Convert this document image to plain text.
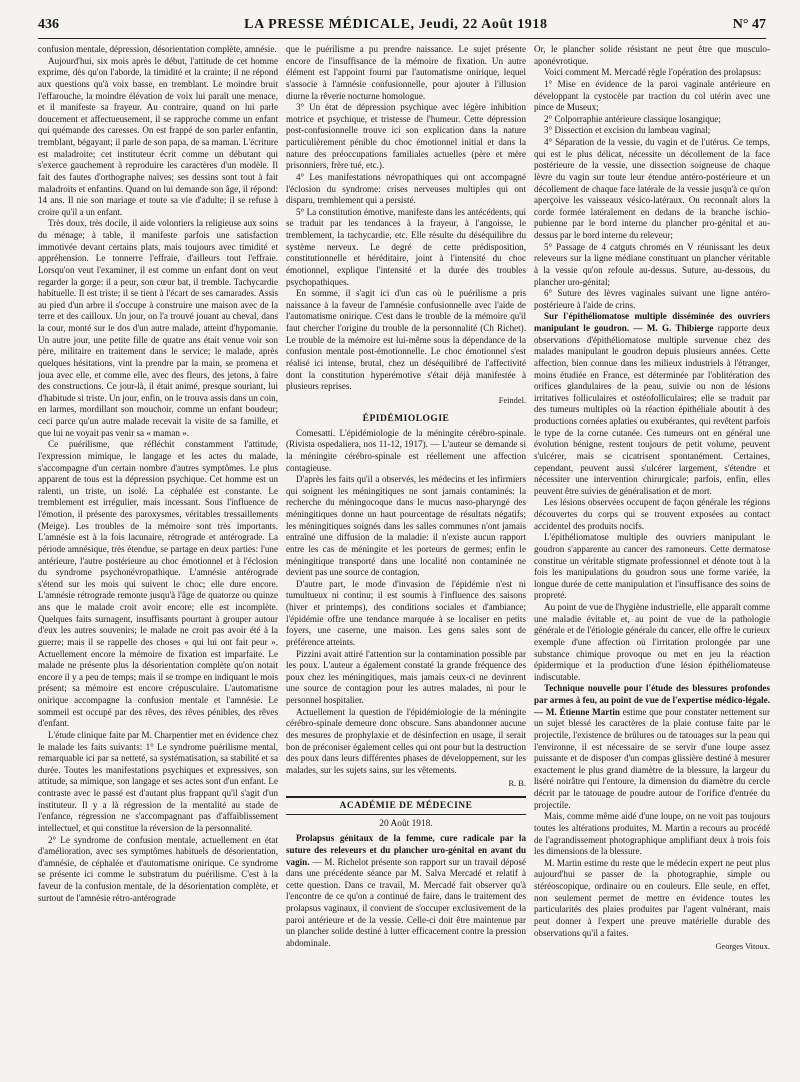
436	LA PRESSE MÉDICALE, Jeudi, 22 Août 1918	N° 47

confusion mentale, dépression, désorientation complète, amnésie.

Aujourd'hui, six mois après le début, l'attitude de cet homme exprime, dès qu'on l'aborde, la timidité et la crainte; il ne répond aux questions qu'à voix basse, en tremblant. Le moindre bruit l'effarouche, la moindre élévation de voix lui paraît une menace, et il manifeste sa frayeur. Au contraire, quand on lui parle doucement et affectueusement, il se rapproche comme un enfant qui quémande des caresses. On est frappé de son parler enfantin, tremblant, bégayant; il parle de son papa, de sa maman. L'écriture est maladroite; cet instituteur écrit comme un débutant qui s'exerce gauchement à reproduire les caractères d'un modèle. Il fait des fautes d'orthographe naïves; ses dessins sont tout à fait maladroits et enfantins. Quand on lui demande son âge, il répond: 14 ans. Il nie son mariage et toute sa vie d'adulte; il se refuse à croire qu'il a un enfant.

Très doux, très docile, il aide volontiers la religieuse aux soins du ménage; à table, il manifeste parfois une satisfaction immotivée devant certains plats, mais toujours avec timidité et appréhension. Le tonnerre l'effraie, d'ailleurs tout l'effraie. Lorsqu'on veut l'examiner, il est comme un enfant dont on veut regarder la gorge: il a peur, son cœur bat, il tremble. Tachycardie habituelle. Il est triste; il se tient à l'écart de ses camarades. Assis au pied d'un arbre il s'occupe à construire une maison avec de la terre et des cailloux. Un jour, on l'a trouvé jouant au cheval, dans la cour, monté sur le dos d'un autre malade, atteint d'hypomanie. Un autre jour, une petite fille de quatre ans était venue voir son père, militaire en traitement dans le service; le malade, après quelques hésitations, vint la prendre par la main, se promena et joua avec elle, et comme elle, avec des fleurs, des jetons, à faire des constructions. Ce jour-là, il était animé, presque souriant, lui d'habitude si triste. Un jour, enfin, on le trouva assis dans un coin, en larmes, mordillant son mouchoir, comme un enfant boudeur; ceci parce qu'un autre malade recevait la visite de sa famille, et que lui ne voyait pas venir sa « maman ».

Ce puérilisme, que réfléchit constamment l'attitude, l'expression mimique, le langage et les actes du malade, s'accompagne d'un certain nombre d'autres symptômes. Le plus apparent de tous est la dépression psychique. Cet homme est un ralenti, un triste, un isolé. La céphalée est constante. Le tremblement est irrégulier, mais incessant. Sous l'influence de l'émotion, il présente des paroxysmes, véritables tressaillements (Meige). Les troubles de la mémoire sont très importants. L'amnésie est à la fois lacunaire, rétrograde et antérograde. La période amnésique, très étendue, se partage en deux parties: l'une antérieure, l'autre postérieure au choc émotionnel et à l'éclosion du syndrome psychonévropathique. L'amnésie antérograde s'étend sur les mois qui suivent le choc; elle dure encore. L'amnésie rétrograde remonte jusqu'à l'âge de quatorze ou quinze ans que le malade croit avoir encore; elle est incomplète. Quelques faits surnagent, insuffisants pourtant à grouper autour d'eux les autres souvenirs; le malade ne croit pas avoir été à la guerre; mais il se rappelle des choses « qui lui ont fait peur ». Actuellement encore la mémoire de fixation est imparfaite. Le malade ne présente plus la désorientation complète qu'on notait encore il y a peu de temps; mais il se trompe en indiquant le mois présent; sa mémoire est encore crépusculaire. L'automatisme onirique accompagne la confusion mentale et l'amnésie. Le sommeil est occupé par des rêves, des rêves pénibles, des rêves d'enfant.

L'étude clinique faite par M. Charpentier met en évidence chez le malade les faits suivants: 1° Le syndrome puérilisme mental, remarquable ici par sa netteté, sa systématisation, sa stabilité et sa durée. Toutes les manifestations psychiques et expressives, son attitude, sa mimique, son langage et ses actes sont d'un enfant. Le contraste avec le passé est d'autant plus frappant qu'il s'agit d'un instituteur. Il y a là régression de la mentalité au stade de l'enfance, régression ne s'accompagnant pas d'affaiblissement intellectuel, et qui constitue la réversion de la personnalité.

2° Le syndrome de confusion mentale, actuellement en état d'amélioration, avec ses symptômes habituels de désorientation, d'amnésie, de céphalée et d'automatisme onirique. Ce syndrome se présente ici comme le substratum du puérilisme. C'est à la faveur de la confusion mentale, de la désorientation complète, et surtout de l'amnésie rétro-antérograde

que le puérilisme a pu prendre naissance. Le sujet présente encore de l'insuffisance de la mémoire de fixation. Un autre élément est l'appoint fourni par l'automatisme onirique, lequel s'associe à l'amnésie confusionnelle, pour ajouter à l'illusion diurne la rêverie nocturne homologue.

3° Un état de dépression psychique avec légère inhibition motrice et psychique, et tristesse de l'humeur. Cette dépression post-confusionnelle trouve ici son explication dans la nature particulièrement pénible du choc émotionnel initial et dans la nature des préoccupations familiales actuelles (père et mère prisonniers, frère tué, etc.).

4° Les manifestations névropathiques qui ont accompagné l'éclosion du syndrome: crises nerveuses multiples qui ont disparu, tremblement qui a persisté.

5° La constitution émotive, manifeste dans les antécédents, qui se traduit par les tendances à la frayeur, à l'angoisse, le tremblement, la tachycardie, etc. Elle résulte du déséquilibre du système nerveux. Le degré de cette prédisposition, constitutionnelle et héréditaire, joint à l'intensité du choc émotionnel, explique l'intensité et la durée des troubles psychopathiques.

En somme, il s'agit ici d'un cas où le puérilisme a pris naissance à la faveur de l'amnésie confusionnelle avec l'aide de l'automatisme onirique. C'est dans le trouble de la mémoire qu'il faut chercher l'origine du trouble de la personnalité (Ch Richet). Le trouble de la mémoire est lui-même sous la dépendance de la confusion mentale post-émotionnelle. Le choc émotionnel s'est réalisé ici intense, brutal, chez un déséquilibré de l'affectivité dont la constitution hyperémotive s'était déjà manifestée à plusieurs reprises.

Feindel.
ÉPIDÉMIOLOGIE

Comesatti. L'épidémiologie de la méningite cérébro-spinale. (Rivista ospedaliera, nos 11-12, 1917). — L'auteur se demande si la méningite cérébro-spinale est réellement une affection contagieuse.

D'après les faits qu'il a observés, les médecins et les infirmiers qui soignent les méningitiques ne sont jamais contaminés: la recherche du méningocoque dans le mucus naso-pharyngé des méningitiques donne un haut pourcentage de résultats négatifs; les méningitiques soignés dans les salles communes n'ont jamais entraîné une diffusion de la maladie: il n'existe aucun rapport entre les cas de méningite et les porteurs de germes; enfin le méningitique transporté dans une localité non contaminée ne devient pas une source de contagion.

D'autre part, le mode d'invasion de l'épidémie n'est ni tumultueux ni continu; il est soumis à l'influence des saisons (hiver et printemps), des conditions sociales et d'ambiance; l'épidémie offre une tendance marquée à se localiser en petits foyers, une caserne, une maison. Les gens sales sont de préférence atteints.

Pizzini avait attiré l'attention sur la contamination possible par les poux. L'auteur a également constaté la grande fréquence des poux chez les méningitiques, mais jamais ceux-ci ne devinrent une source de contagion pour les autres malades, ni pour le personnel hospitalier.

Actuellement la question de l'épidémiologie de la méningite cérébro-spinale demeure donc obscure. Sans abandonner aucune des mesures de prophylaxie et de désinfection en usage, il serait bon de préconiser également celles qui ont pour but la destruction des poux dans leurs différentes phases de développement, sur les malades, sur les sujets sains, sur les vêtements.

R. B.
ACADÉMIE DE MÉDECINE
20 Août 1918.

Prolapsus génitaux de la femme, cure radicale par la suture des releveurs et du plancher uro-génital en avant du vagin. — M. Richelot présente son rapport sur un travail déposé dans une précédente séance par M. Salva Mercadé et relatif à cette question. Dans ce travail, M. Mercadé fait observer qu'à l'encontre de ce qu'on a continué de faire, dans le traitement des prolapsus vaginaux, il convient de s'occuper exclusivement de la paroi antérieure et de la vessie. Celle-ci doit être maintenue par un plancher solide destiné à lutter efficacement contre la pression abdominale.

Or, le plancher solide résistant ne peut être que musculo-aponévrotique.

Voici comment M. Mercadé règle l'opération des prolapsus:

1° Mise en évidence de la paroi vaginale antérieure en développant la cystocèle par traction du col utérin avec une pince de Museux;

2° Colporraphie antérieure classique losangique;

3° Dissection et excision du lambeau vaginal;

4° Séparation de la vessie, du vagin et de l'utérus. Ce temps, qui est le plus délicat, nécessite un décollement de la face postérieure de la vessie, une dissection soigneuse de chaque lèvre du vagin sur toute leur étendue antéro-postérieure et un décollement de chaque face latérale de la vessie jusqu'à ce qu'on aperçoive les vaisseaux vésico-latéraux. On reconnaît alors la corde formée latéralement en dedans de la branche ischio-pubienne par le bord interne du plancher pro-génital et au-dessus par le bord interne du releveur;

5° Passage de 4 catguts chromés en V réunissant les deux releveurs sur la ligne médiane constituant un plancher véritable à la vessie qu'on refoule au-dessus. Suture, au-dessous, du plancher uro-génital;

6° Suture des lèvres vaginales suivant une ligne antéro-postérieure à l'aide de crins.

Sur l'épithéliomatose multiple disséminée des ouvriers manipulant le goudron. — M. G. Thibierge rapporte deux observations d'épithéliomatose multiple survenue chez des malades manipulant le goudron depuis plusieurs années. Cette affection, bien connue dans les milieux industriels à l'étranger, moins étudiée en France, est déterminée par l'oblitération des orifices glandulaires de la peau, suivie ou non de lésions irritatives folliculaires et ostéofolliculaires; elle se traduit par des tumeurs multiples où la réaction épithéliale aboutit à des productions cornées aplaties ou exubérantes, qui revêtent parfois le type de la corne cutanée. Ces tumeurs ont en général une évolution bénigne, restent toujours de petit volume, peuvent s'ulcérer, mais se cicatrisent spontanément. Certaines, cependant, peuvent aussi s'ulcérer largement, s'étendre et nécessiter une intervention chirurgicale; parfois, enfin, elles peuvent être suivies de généralisation et de mort.

Les lésions observées occupent de façon générale les régions découvertes du corps qui se trouvent exposées au contact accidentel des produits nocifs.

L'épithéliomatose multiple des ouvriers manipulant le goudron s'apparente au cancer des ramoneurs. Cette dermatose constitue un véritable stigmate professionnel et dénote tout à la fois les manipulations du goudron sous une forme variée, la longue durée de cette manipulation et l'insuffisance des soins de propreté.

Au point de vue de l'hygiène industrielle, elle apparaît comme une maladie évitable et, au point de vue de la pathologie générale et de l'étiologie générale du cancer, elle offre le curieux exemple d'une affection où l'irritation prolongée par une substance chimique provoque ou met en jeu la réaction épidermique et la production d'une lésion épithéliomateuse indiscutable.

Technique nouvelle pour l'étude des blessures profondes par armes à feu, au point de vue de l'expertise médico-légale. — M. Étienne Martin estime que pour constater nettement sur un sujet blessé les caractères de la plaie contuse faite par le projectile, l'existence de brûlures ou de tatouages sur la peau qui l'environne, il est nécessaire de se servir d'une loupe assez puissante et de disposer d'un compas glissière destiné à mesurer exactement le plus grand diamètre de la blessure, la largeur du liséré noirâtre qui l'entoure, la dimension du diamètre du cercle décrit par le tatouage de poudre autour de l'orifice d'entrée du projectile.

Mais, comme même aidé d'une loupe, on ne voit pas toujours toutes les altérations produites, M. Martin a recours au procédé de l'agrandissement photographique amplifiant deux à trois fois les dimensions de la blessure.

M. Martin estime du reste que le médecin expert ne peut plus aujourd'hui se passer de la photographie, simple ou stéréoscopique, ordinaire ou en couleurs. Elle seule, en effet, non seulement permet de mettre en évidence toutes les particularités des plaies produites par l'agent vulnérant, mais peut donner à l'expert une preuve matérielle durable des observations qu'il a faites.

Georges Vitoux.
